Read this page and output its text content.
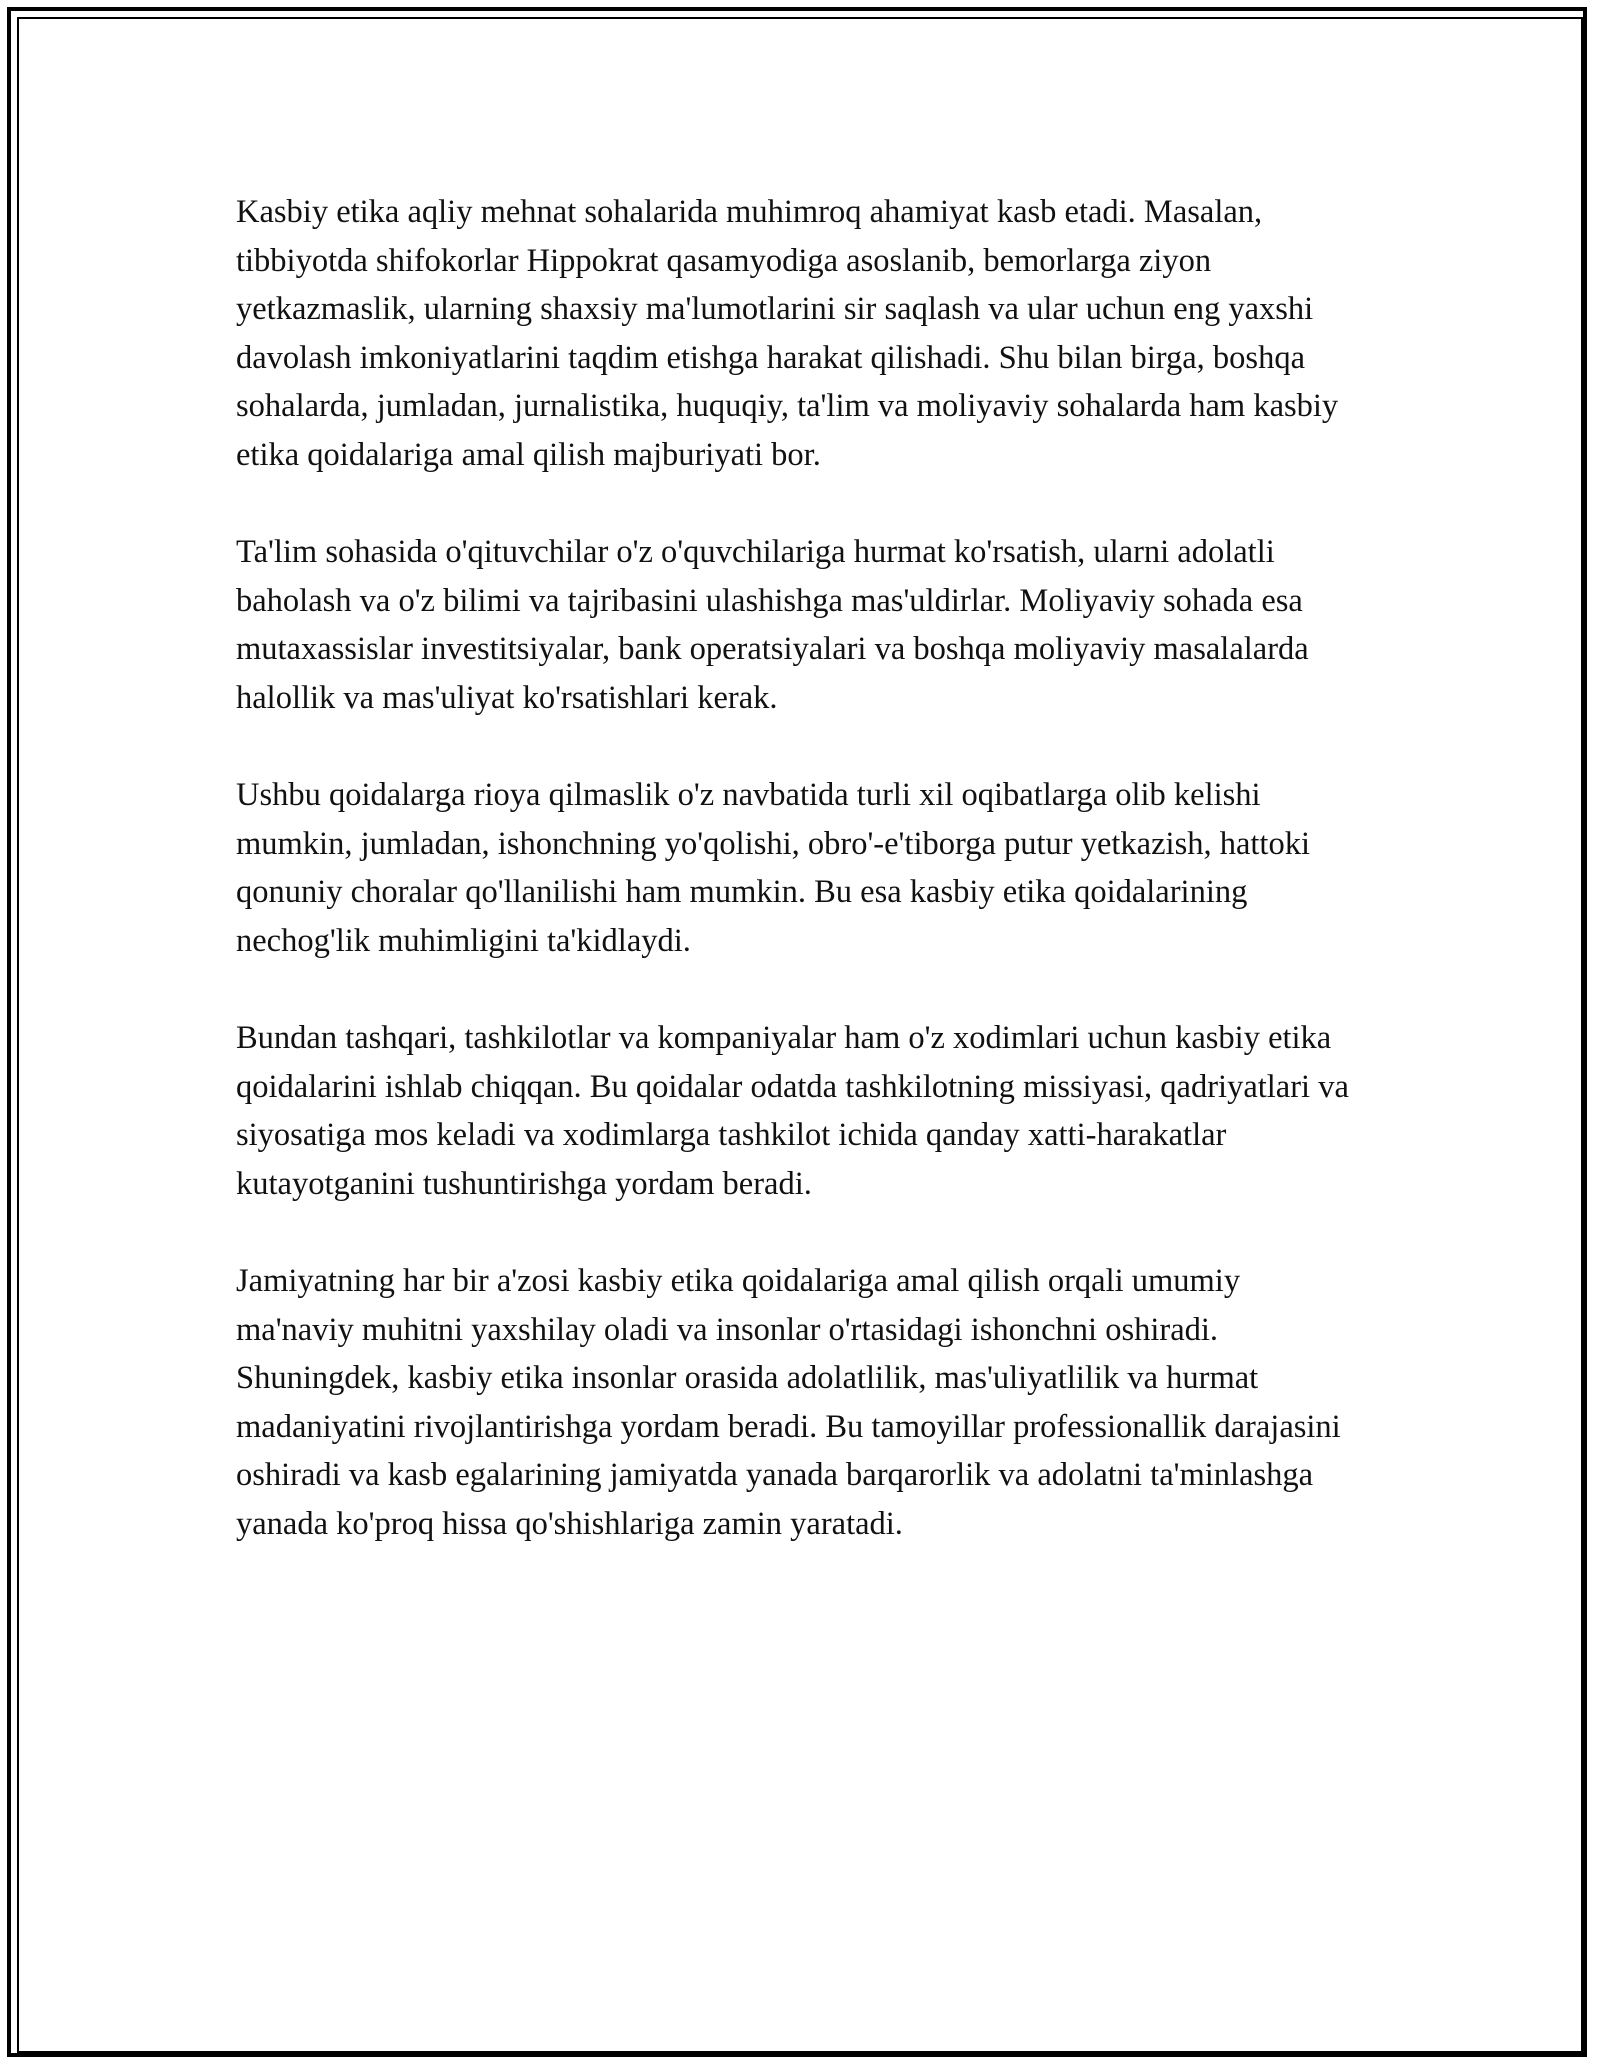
Kasbiy etika aqliy mehnat sohalarida muhimroq ahamiyat kasb etadi. Masalan, tibbiyotda shifokorlar Hippokrat qasamyodiga asoslanib, bemorlarga ziyon yetkazmaslik, ularning shaxsiy ma'lumotlarini sir saqlash va ular uchun eng yaxshi davolash imkoniyatlarini taqdim etishga harakat qilishadi. Shu bilan birga, boshqa sohalarda, jumladan, jurnalistika, huquqiy, ta'lim va moliyaviy sohalarda ham kasbiy etika qoidalariga amal qilish majburiyati bor.

Ta'lim sohasida o'qituvchilar o'z o'quvchilariga hurmat ko'rsatish, ularni adolatli baholash va o'z bilimi va tajribasini ulashishga mas'uldirlar. Moliyaviy sohada esa mutaxassislar investitsiyalar, bank operatsiyalari va boshqa moliyaviy masalalarda halollik va mas'uliyat ko'rsatishlari kerak.

Ushbu qoidalarga rioya qilmaslik o'z navbatida turli xil oqibatlarga olib kelishi mumkin, jumladan, ishonchning yo'qolishi, obro'-e'tiborga putur yetkazish, hattoki qonuniy choralar qo'llanilishi ham mumkin. Bu esa kasbiy etika qoidalarining nechog'lik muhimligini ta'kidlaydi.

Bundan tashqari, tashkilotlar va kompaniyalar ham o'z xodimlari uchun kasbiy etika qoidalarini ishlab chiqqan. Bu qoidalar odatda tashkilotning missiyasi, qadriyatlari va siyosatiga mos keladi va xodimlarga tashkilot ichida qanday xatti-harakatlar kutayotganini tushuntirishga yordam beradi.

Jamiyatning har bir a'zosi kasbiy etika qoidalariga amal qilish orqali umumiy ma'naviy muhitni yaxshilay oladi va insonlar o'rtasidagi ishonchni oshiradi. Shuningdek, kasbiy etika insonlar orasida adolatlilik, mas'uliyatlilik va hurmat madaniyatini rivojlantirishga yordam beradi. Bu tamoyillar professionallik darajasini oshiradi va kasb egalarining jamiyatda yanada barqarorlik va adolatni ta'minlashga yanada ko'proq hissa qo'shishlariga zamin yaratadi.
